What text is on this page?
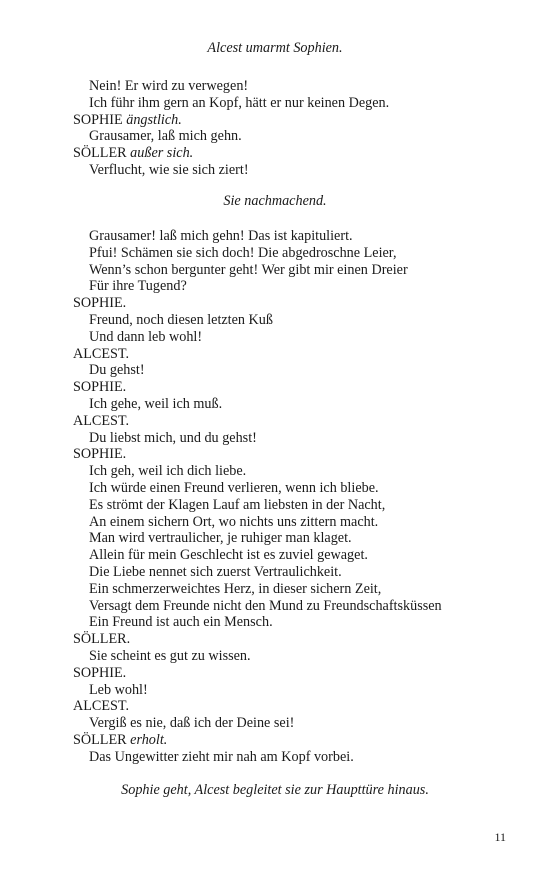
Alcest umarmt Sophien.
Nein! Er wird zu verwegen!
Ich führ ihm gern an Kopf, hätt er nur keinen Degen.
SOPHIE ängstlich.
Grausamer, laß mich gehn.
SÖLLER außer sich.
Verflucht, wie sie sich ziert!
Sie nachmachend.
Grausamer! laß mich gehn! Das ist kapituliert.
Pfui! Schämen sie sich doch! Die abgedroschne Leier,
Wenn’s schon bergunter geht! Wer gibt mir einen Dreier
Für ihre Tugend?
SOPHIE.
Freund, noch diesen letzten Kuß
Und dann leb wohl!
ALCEST.
Du gehst!
SOPHIE.
Ich gehe, weil ich muß.
ALCEST.
Du liebst mich, und du gehst!
SOPHIE.
Ich geh, weil ich dich liebe.
Ich würde einen Freund verlieren, wenn ich bliebe.
Es strömt der Klagen Lauf am liebsten in der Nacht,
An einem sichern Ort, wo nichts uns zittern macht.
Man wird vertraulicher, je ruhiger man klaget.
Allein für mein Geschlecht ist es zuviel gewaget.
Die Liebe nennet sich zuerst Vertraulichkeit.
Ein schmerzerweichtes Herz, in dieser sichern Zeit,
Versagt dem Freunde nicht den Mund zu Freundschaftsküssen
Ein Freund ist auch ein Mensch.
SÖLLER.
Sie scheint es gut zu wissen.
SOPHIE.
Leb wohl!
ALCEST.
Vergiß es nie, daß ich der Deine sei!
SÖLLER erholt.
Das Ungewitter zieht mir nah am Kopf vorbei.
Sophie geht, Alcest begleitet sie zur Haupttüre hinaus.
11
